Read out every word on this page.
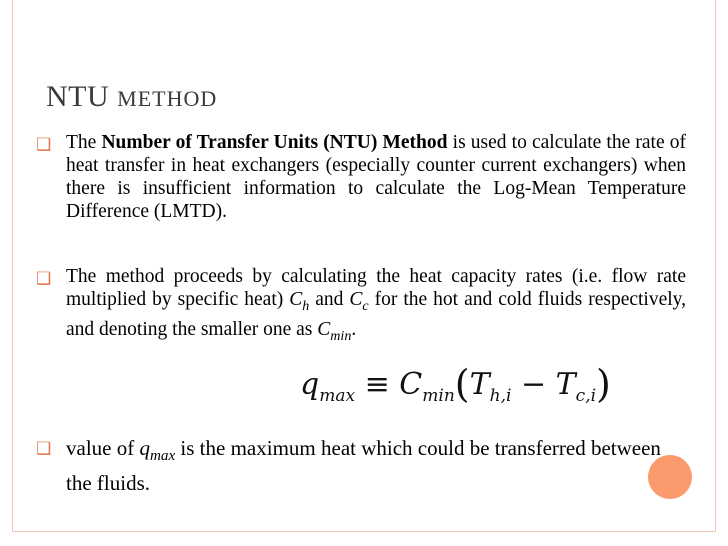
NTU METHOD
❑ The Number of Transfer Units (NTU) Method is used to calculate the rate of heat transfer in heat exchangers (especially counter current exchangers) when there is insufficient information to calculate the Log-Mean Temperature Difference (LMTD).
❑ The method proceeds by calculating the heat capacity rates (i.e. flow rate multiplied by specific heat) $C_h$ and $C_c$ for the hot and cold fluids respectively, and denoting the smaller one as $C_{min}$.
$q_{max} \equiv C_{min}(T_{h,i} - T_{c,i})$
❑ value of $q_{max}$ is the maximum heat which could be transferred between the fluids.
